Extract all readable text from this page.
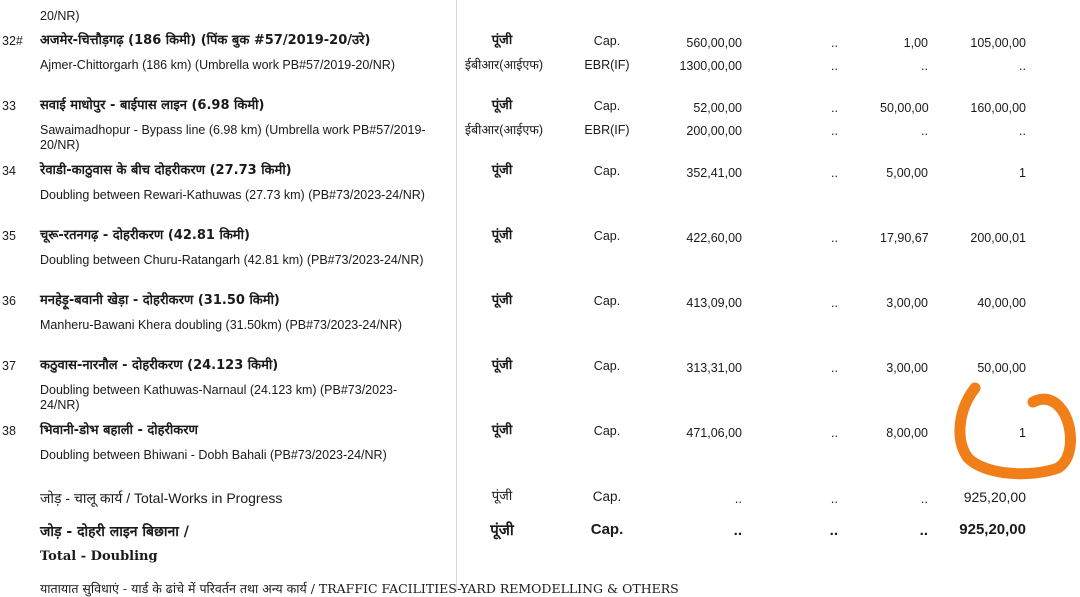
20/NR)
32# अजमेर-चित्तौड़गढ़ (186 किमी) (पिंक बुक #57/2019-20/उरे)
Ajmer-Chittorgarh (186 km) (Umbrella work PB#57/2019-20/NR)
पूंजी	Cap.	560,00,00	..	1,00	105,00,00
ईबीआर(आईएफ)	EBR(IF)	1300,00,00	..	..	..
33 सवाई माधोपुर - बाईपास लाइन (6.98 किमी)
Sawaimadhopur - Bypass line (6.98 km) (Umbrella work PB#57/2019-
20/NR)
पूंजी	Cap.	52,00,00	..	50,00,00	160,00,00
ईबीआर(आईएफ)	EBR(IF)	200,00,00	..	..	..
34 रेवाडी-काठुवास के बीच दोहरीकरण (27.73 किमी)
Doubling between Rewari-Kathuwas (27.73 km) (PB#73/2023-24/NR)
पूंजी	Cap.	352,41,00	..	5,00,00	1
35 चूरू-रतनगढ़ - दोहरीकरण (42.81 किमी)
Doubling between Churu-Ratangarh (42.81 km) (PB#73/2023-24/NR)
पूंजी	Cap.	422,60,00	..	17,90,67	200,00,01
36 मनहेड़ू-बवानी खेड़ा - दोहरीकरण (31.50 किमी)
Manheru-Bawani Khera doubling (31.50km) (PB#73/2023-24/NR)
पूंजी	Cap.	413,09,00	..	3,00,00	40,00,00
37 कठुवास-नारनौल - दोहरीकरण (24.123 किमी)
Doubling between Kathuwas-Narnaul (24.123 km) (PB#73/2023-
24/NR)
पूंजी	Cap.	313,31,00	..	3,00,00	50,00,00
38 भिवानी-डोभ बहाली - दोहरीकरण
Doubling between Bhiwani - Dobh Bahali (PB#73/2023-24/NR)
पूंजी	Cap.	471,06,00	..	8,00,00	1
जोड़ - चालू कार्य / Total-Works in Progress	पूंजी	Cap.	..	..	..	925,20,00
जोड़ - दोहरी लाइन बिछाना /
Total - Doubling
पूंजी	Cap.	..	..	..	925,20,00
यातायात सुविधाएं - यार्ड के ढांचे में परिवर्तन तथा अन्य कार्य / TRAFFIC FACILITIES-YARD REMODELLING & OTHERS
